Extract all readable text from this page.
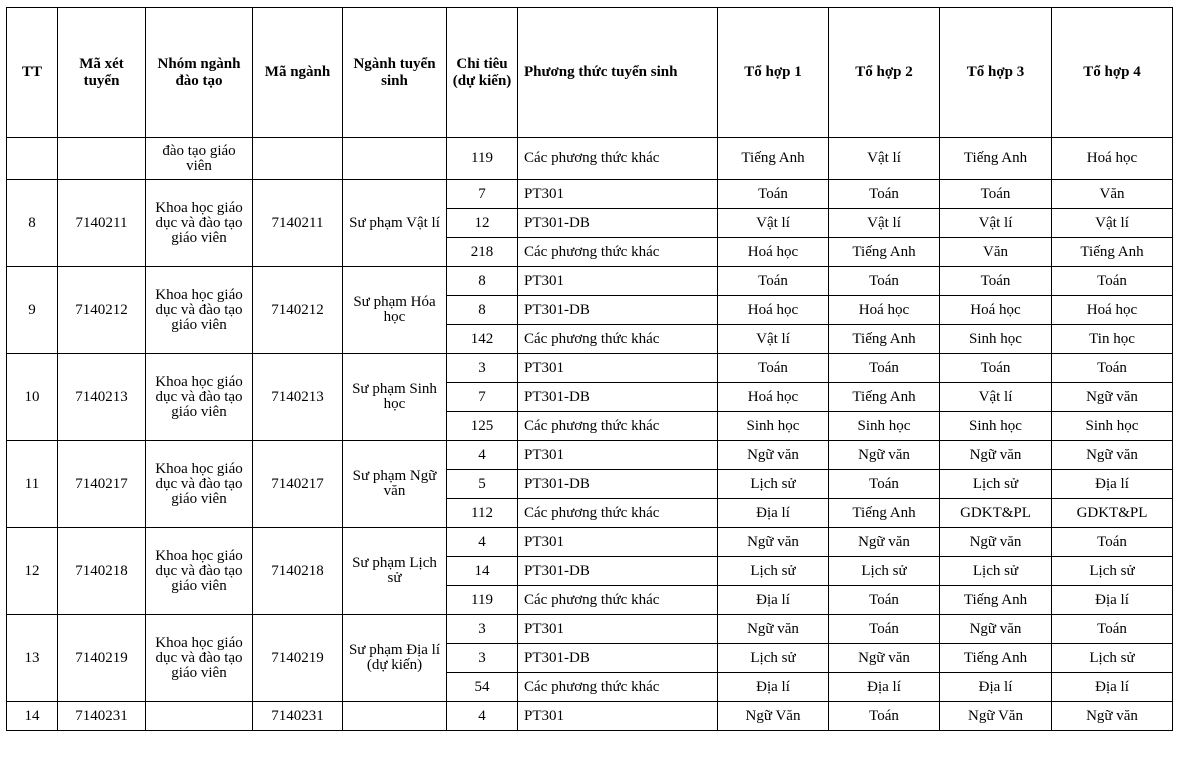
TT	Mã xét tuyển	Nhóm ngành đào tạo	Mã ngành	Ngành tuyển sinh	Chỉ tiêu (dự kiến)	Phương thức tuyển sinh	Tổ hợp 1	Tổ hợp 2	Tổ hợp 3	Tổ hợp 4
		đào tạo giáo viên			119	Các phương thức khác	Tiếng Anh	Vật lí	Tiếng Anh	Hoá học
8	7140211	Khoa học giáo dục và đào tạo giáo viên	7140211	Sư phạm Vật lí	7	PT301	Toán	Toán	Toán	Văn
					12	PT301-DB	Vật lí	Vật lí	Vật lí	Vật lí
					218	Các phương thức khác	Hoá học	Tiếng Anh	Văn	Tiếng Anh
9	7140212	Khoa học giáo dục và đào tạo giáo viên	7140212	Sư phạm Hóa học	8	PT301	Toán	Toán	Toán	Toán
					8	PT301-DB	Hoá học	Hoá học	Hoá học	Hoá học
					142	Các phương thức khác	Vật lí	Tiếng Anh	Sinh học	Tin học
10	7140213	Khoa học giáo dục và đào tạo giáo viên	7140213	Sư phạm Sinh học	3	PT301	Toán	Toán	Toán	Toán
					7	PT301-DB	Hoá học	Tiếng Anh	Vật lí	Ngữ văn
					125	Các phương thức khác	Sinh học	Sinh học	Sinh học	Sinh học
11	7140217	Khoa học giáo dục và đào tạo giáo viên	7140217	Sư phạm Ngữ văn	4	PT301	Ngữ văn	Ngữ văn	Ngữ văn	Ngữ văn
					5	PT301-DB	Lịch sử	Toán	Lịch sử	Địa lí
					112	Các phương thức khác	Địa lí	Tiếng Anh	GDKT&PL	GDKT&PL
12	7140218	Khoa học giáo dục và đào tạo giáo viên	7140218	Sư phạm Lịch sử	4	PT301	Ngữ văn	Ngữ văn	Ngữ văn	Toán
					14	PT301-DB	Lịch sử	Lịch sử	Lịch sử	Lịch sử
					119	Các phương thức khác	Địa lí	Toán	Tiếng Anh	Địa lí
13	7140219	Khoa học giáo dục và đào tạo giáo viên	7140219	Sư phạm Địa lí (dự kiến)	3	PT301	Ngữ văn	Toán	Ngữ văn	Toán
					3	PT301-DB	Lịch sử	Ngữ văn	Tiếng Anh	Lịch sử
					54	Các phương thức khác	Địa lí	Địa lí	Địa lí	Địa lí
14	7140231		7140231		4	PT301	Ngữ Văn	Toán	Ngữ Văn	Ngữ văn
